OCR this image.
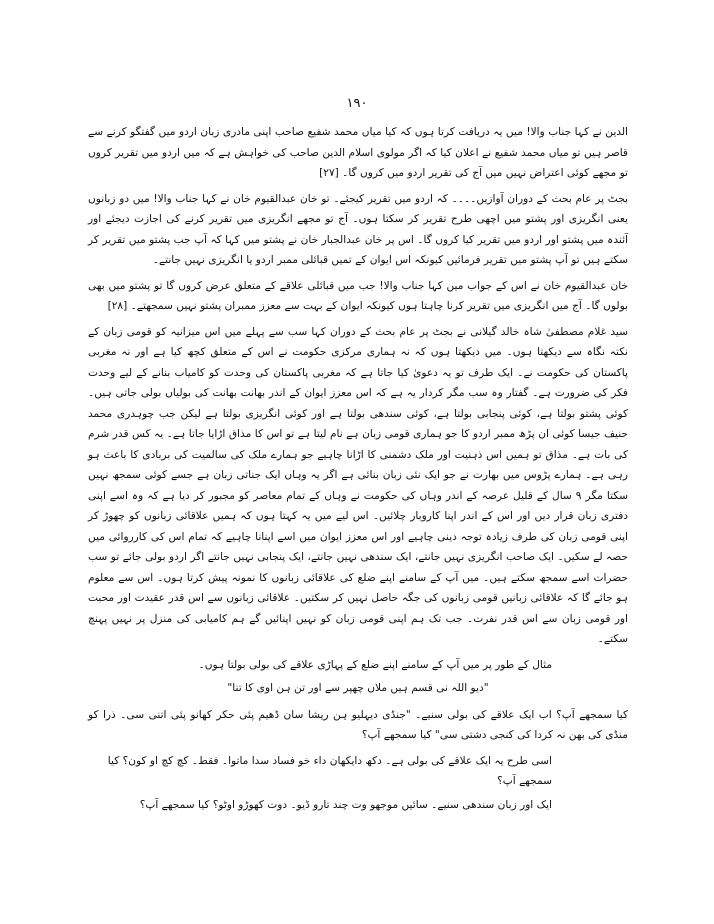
۱۹۰

الدین نے کہا جناب والا! میں یہ دریافت کرتا ہوں کہ کیا میاں محمد شفیع صاحب اپنی مادری زبان اردو میں گفتگو کرنے سے قاصر ہیں تو میاں محمد شفیع نے اعلان کیا کہ اگر مولوی اسلام الدین صاحب کی خواہش ہے کہ میں اردو میں تقریر کروں تو مجھے کوئی اعتراض نہیں میں آج کی تقریر اردو میں کروں گا۔ [۲۷]

بجٹ پر عام بحث کے دوران آوازیں۔۔۔۔ کہ اردو میں تقریر کیجئے۔ تو خان عبدالقیوم خان نے کہا جناب والا! میں دو زبانوں یعنی انگریزی اور پشتو میں اچھی طرح تقریر کر سکتا ہوں۔ آج تو مجھے انگریزی میں تقریر کرنے کی اجازت دیجئے اور آئندہ میں پشتو اور اردو میں تقریر کیا کروں گا۔ اس پر خان عبدالجبار خان نے پشتو میں کہا کہ آپ جب پشتو میں تقریر کر سکتے ہیں تو آپ پشتو میں تقریر فرمائیں کیونکہ اس ایوان کے تمیں قبائلی ممبر اردو یا انگریزی نہیں جانتے۔

خان عبدالقیوم خان نے اس کے جواب میں کہا جناب والا! جب میں قبائلی علاقے کے متعلق عرض کروں گا تو پشتو میں بھی بولوں گا۔ آج میں انگریزی میں تقریر کرنا چاہتا ہوں کیونکہ ایوان کے بہت سے معزز ممبران پشتو نہیں سمجھتے۔ [۲۸]

سید غلام مصطفیٰ شاہ خالد گیلانی نے بجٹ پر عام بحث کے دوران کہا سب سے پہلے میں اس میزانیہ کو قومی زبان کے نکتہ نگاہ سے دیکھتا ہوں۔ میں دیکھتا ہوں کہ نہ ہماری مرکزی حکومت نے اس کے متعلق کچھ کیا ہے اور نہ مغربی پاکستان کی حکومت نے۔ ایک طرف تو یہ دعویٰ کیا جاتا ہے کہ مغربی پاکستان کی وحدت کو کامیاب بنانے کے لیے وحدت فکر کی ضرورت ہے۔ گفتار وہ سب مگر کردار یہ ہے کہ اس معزز ایوان کے اندر بھانت بھانت کی بولیاں بولی جاتی ہیں۔ کوئی پشتو بولتا ہے، کوئی پنجابی بولتا ہے، کوئی سندھی بولتا ہے اور کوئی انگریزی بولتا ہے لیکن جب چوہدری محمد حنیف جیسا کوئی ان پڑھ ممبر اردو کا جو ہماری قومی زبان ہے نام لیتا ہے تو اس کا مذاق اڑایا جاتا ہے۔ یہ کس قدر شرم کی بات ہے۔ مذاق تو ہمیں اس ذہنیت اور ملک دشمنی کا اڑانا چاہیے جو ہمارے ملک کی سالمیت کی بربادی کا باعث ہو رہی ہے۔ ہمارے پڑوس میں بھارت نے جو ایک نئی زبان بنائی ہے اگر یہ وہاں ایک جناتی زبان ہے جسے کوئی سمجھ نہیں سکتا مگر ۹ سال کے قلیل عرصہ کے اندر وہاں کی حکومت نے وہاں کے تمام معاصر کو مجبور کر دیا ہے کہ وہ اسے اپنی دفتری زبان قرار دیں اور اس کے اندر اپنا کاروبار چلائیں۔ اس لیے میں یہ کہتا ہوں کہ ہمیں علاقائی زبانوں کو چھوڑ کر اپنی قومی زبان کی طرف زیادہ توجہ دینی چاہیے اور اس معزز ایوان میں اسے اپنانا چاہیے کہ تمام اس کی کارروائی میں حصہ لے سکیں۔ ایک صاحب انگریزی نہیں جانتے، ایک سندھی نہیں جانتے، ایک پنجابی نہیں جانتے اگر اردو بولی جائے تو سب حضرات اسے سمجھ سکتے ہیں۔ میں آپ کے سامنے اپنے ضلع کی علاقائی زبانوں کا نمونہ پیش کرتا ہوں۔ اس سے معلوم ہو جائے گا کہ علاقائی زبانیں قومی زبانوں کی جگہ حاصل نہیں کر سکتیں۔ علاقائی زبانوں سے اس قدر عقیدت اور محبت اور قومی زبان سے اس قدر نفرت۔ جب تک ہم اپنی قومی زبان کو نہیں اپنائیں گے ہم کامیابی کی منزل پر نہیں پہنچ سکتے۔

مثال کے طور پر میں آپ کے سامنے اپنے ضلع کے پہاڑی علاقے کی بولی بولتا ہوں۔

"دیو اللہ نی قسم ہیں ملاں چھپر سے اور تن ہن اوی کا تنا"

کیا سمجھے آپ؟ اب ایک علاقے کی بولی سنیے۔ "جنڈی دیہلیو ہن ریشا سان ڈھیم پئی حکر کھانو پئی اتنی سی۔ ذرا کو منڈی کی بھن نہ کردا کی کنجی دشتی سی" کیا سمجھے آپ؟

اسی طرح یہ ایک علاقے کی بولی ہے۔ دکھ دایکھان داء خو فساد سدا ماتوا۔ فقط۔ کچ کچ او کون؟ کیا سمجھے آپ؟

ایک اور زبان سندھی سنیے۔ سائیں موجھو وت چند تارو ڈیو۔ دوت کھوڑو اوٹو؟ کیا سمجھے آپ؟
